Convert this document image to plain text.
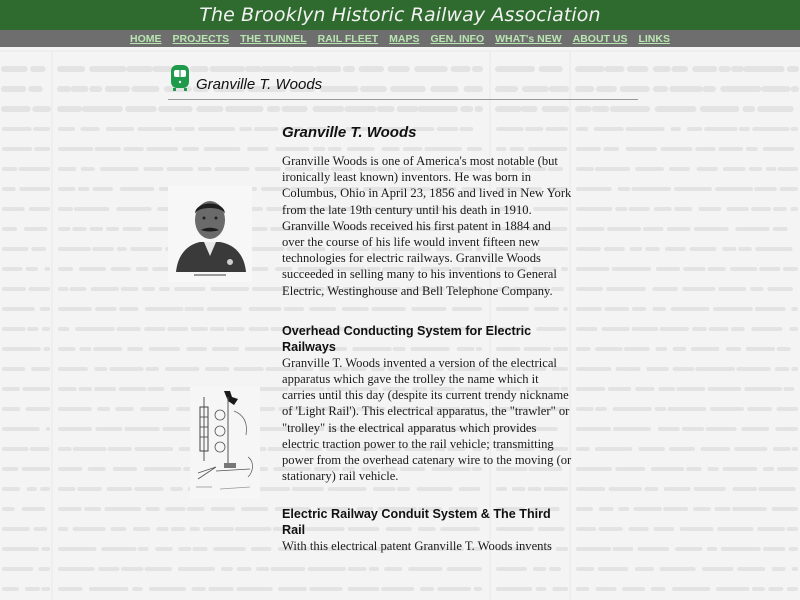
The Brooklyn Historic Railway Association
HOME PROJECTS THE TUNNEL RAIL FLEET MAPS GEN. INFO WHAT's NEW ABOUT US LINKS
Granville T. Woods
Granville T. Woods

Granville Woods is one of America's most notable (but ironically least known) inventors. He was born in Columbus, Ohio in April 23, 1856 and lived in New York from the late 19th century until his death in 1910. Granville Woods received his first patent in 1884 and over the course of his life would invent fifteen new technologies for electric railways. Granville Woods succeeded in selling many to his inventions to General Electric, Westinghouse and Bell Telephone Company.

Overhead Conducting System for Electric Railways

Granville T. Woods invented a version of the electrical apparatus which gave the trolley the name which it carries until this day (despite its current trendy nickname of 'Light Rail'). This electrical apparatus, the "trawler" or "trolley" is the electrical apparatus which provides electric traction power to the rail vehicle; transmitting power from the overhead catenary wire to the moving (or stationary) rail vehicle.

Electric Railway Conduit System & The Third Rail

With this electrical patent Granville T. Woods invents
